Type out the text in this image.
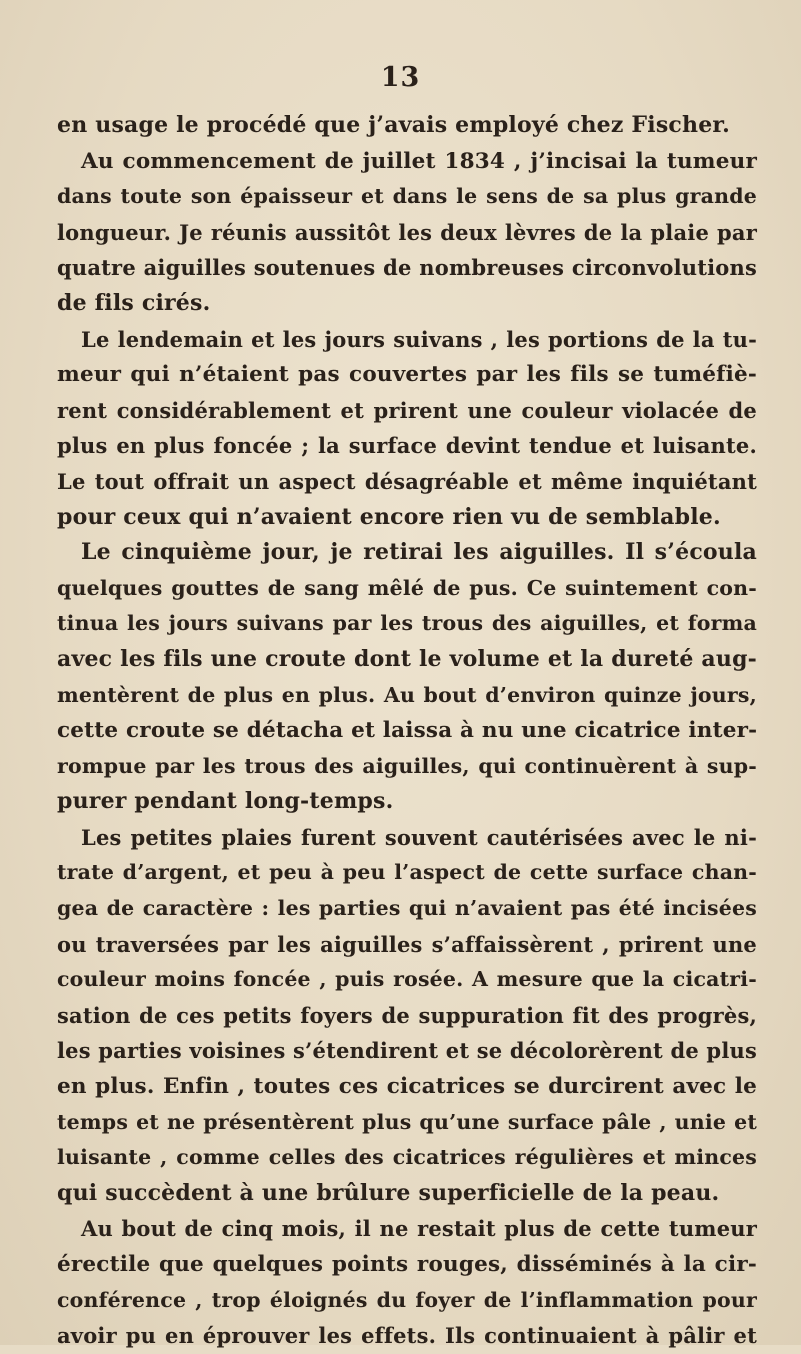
13
en usage le procédé que j’avais employé chez Fischer.
Au commencement de juillet 1834 , j’incisai la tumeur
dans toute son épaisseur et dans le sens de sa plus grande
longueur. Je réunis aussitôt les deux lèvres de la plaie par
quatre aiguilles soutenues de nombreuses circonvolutions
de fils cirés.
Le lendemain et les jours suivans , les portions de la tu-
meur qui n’étaient pas couvertes par les fils se tuméfiè-
rent considérablement et prirent une couleur violacée de
plus en plus foncée ; la surface devint tendue et luisante.
Le tout offrait un aspect désagréable et même inquiétant
pour ceux qui n’avaient encore rien vu de semblable.
Le cinquième jour, je retirai les aiguilles. Il s’écoula
quelques gouttes de sang mêlé de pus. Ce suintement con-
tinua les jours suivans par les trous des aiguilles, et forma
avec les fils une croute dont le volume et la dureté aug-
mentèrent de plus en plus. Au bout d’environ quinze jours,
cette croute se détacha et laissa à nu une cicatrice inter-
rompue par les trous des aiguilles, qui continuèrent à sup-
purer pendant long-temps.
Les petites plaies furent souvent cautérisées avec le ni-
trate d’argent, et peu à peu l’aspect de cette surface chan-
gea de caractère : les parties qui n’avaient pas été incisées
ou traversées par les aiguilles s’affaissèrent , prirent une
couleur moins foncée , puis rosée. A mesure que la cicatri-
sation de ces petits foyers de suppuration fit des progrès,
les parties voisines s’étendirent et se décolorèrent de plus
en plus. Enfin , toutes ces cicatrices se durcirent avec le
temps et ne présentèrent plus qu’une surface pâle , unie et
luisante , comme celles des cicatrices régulières et minces
qui succèdent à une brûlure superficielle de la peau.
Au bout de cinq mois, il ne restait plus de cette tumeur
érectile que quelques points rouges, disséminés à la cir-
conférence , trop éloignés du foyer de l’inflammation pour
avoir pu en éprouver les effets. Ils continuaient à pâlir et
